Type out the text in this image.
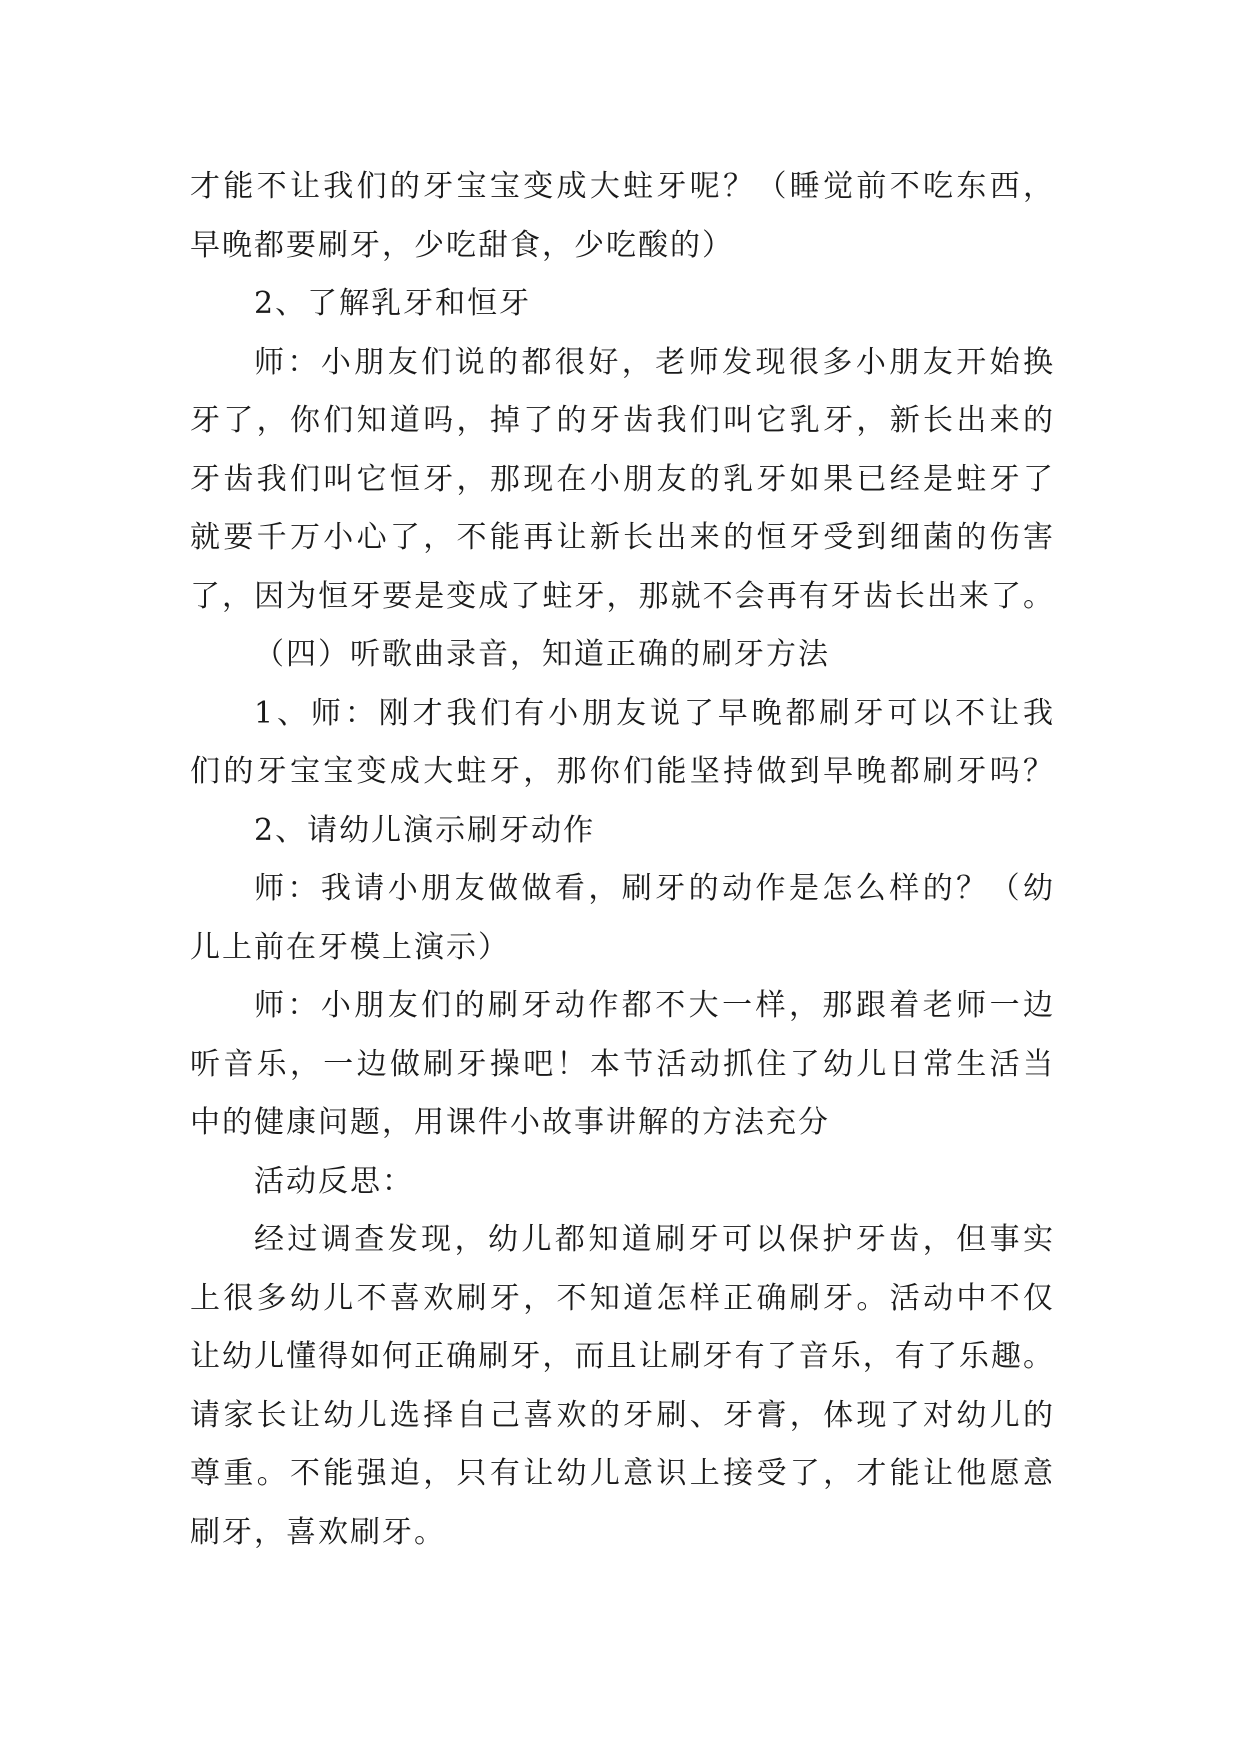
才能不让我们的牙宝宝变成大蛀牙呢？（睡觉前不吃东西，
早晚都要刷牙，少吃甜食，少吃酸的）
2、了解乳牙和恒牙
师：小朋友们说的都很好，老师发现很多小朋友开始换
牙了，你们知道吗，掉了的牙齿我们叫它乳牙，新长出来的
牙齿我们叫它恒牙，那现在小朋友的乳牙如果已经是蛀牙了
就要千万小心了，不能再让新长出来的恒牙受到细菌的伤害
了，因为恒牙要是变成了蛀牙，那就不会再有牙齿长出来了。
（四）听歌曲录音，知道正确的刷牙方法
1、师：刚才我们有小朋友说了早晚都刷牙可以不让我
们的牙宝宝变成大蛀牙，那你们能坚持做到早晚都刷牙吗？
2、请幼儿演示刷牙动作
师：我请小朋友做做看，刷牙的动作是怎么样的？（幼
儿上前在牙模上演示）
师：小朋友们的刷牙动作都不大一样，那跟着老师一边
听音乐，一边做刷牙操吧！本节活动抓住了幼儿日常生活当
中的健康问题，用课件小故事讲解的方法充分
活动反思：
经过调查发现，幼儿都知道刷牙可以保护牙齿，但事实
上很多幼儿不喜欢刷牙，不知道怎样正确刷牙。活动中不仅
让幼儿懂得如何正确刷牙，而且让刷牙有了音乐，有了乐趣。
请家长让幼儿选择自己喜欢的牙刷、牙膏，体现了对幼儿的
尊重。不能强迫，只有让幼儿意识上接受了，才能让他愿意
刷牙，喜欢刷牙。
